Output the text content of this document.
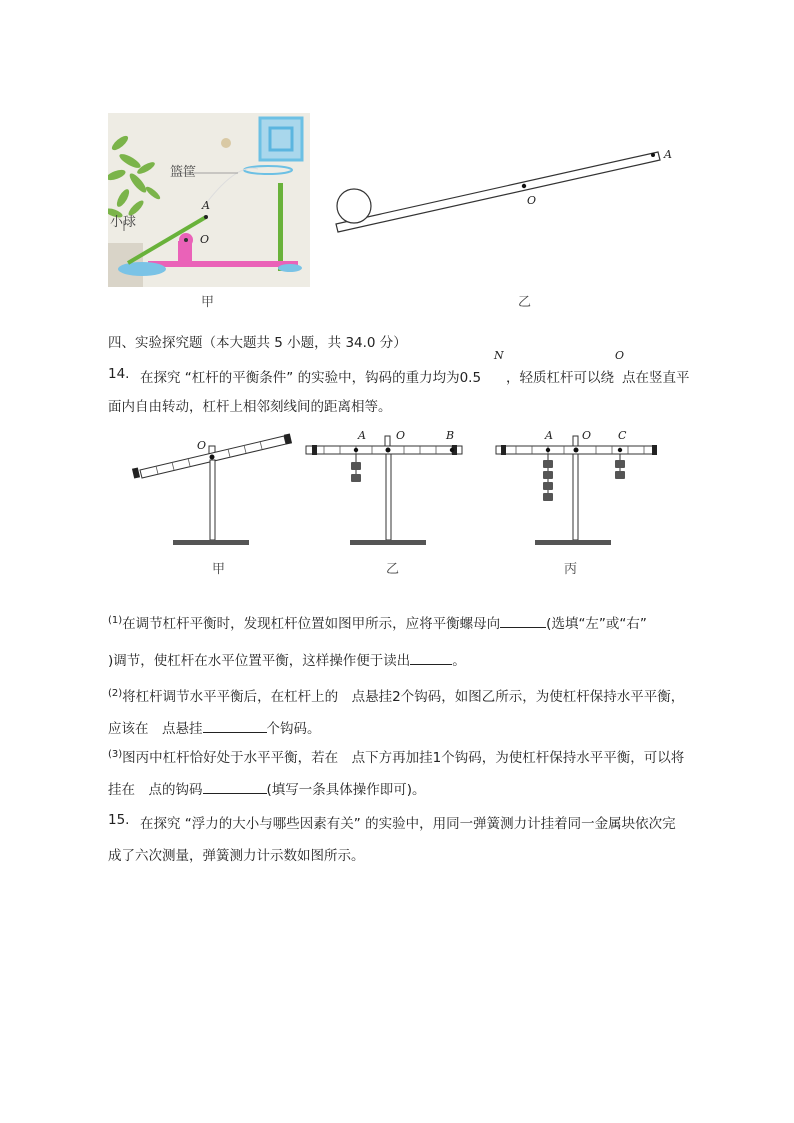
篮筐
小球
A
O
甲
A
O
乙
四、实验探究题（本大题共 5 小题，共 34.0 分）
14. 在探究 “杠杆的平衡条件” 的实验中，钩码的重力均为0.5
N
，轻质杠杆可以绕
O
点在竖直平
面内自由转动，杠杆上相邻刻线间的距离相等。
O
A	O	B	A	O C
甲	乙	丙
$^{(1)}$在调节杠杆平衡时，发现杠杆位置如图甲所示，应将平衡螺母向	(选填“左”或“右”
)调节，使杠杆在水平位置平衡，这样操作便于读出	。
$^{(2)}$将杠杆调节水平平衡后，在杠杆上的　点悬挂2个钩码，如图乙所示，为使杠杆保持水平平衡，
应该在　点悬挂	个钩码。
$^{(3)}$图丙中杠杆恰好处于水平平衡，若在　点下方再加挂1个钩码，为使杠杆保持水平平衡，可以将
挂在　点的钩码	(填写一条具体操作即可)。
15. 在探究 “浮力的大小与哪些因素有关” 的实验中，用同一弹簧测力计挂着同一金属块依次完
成了六次测量，弹簧测力计示数如图所示。
